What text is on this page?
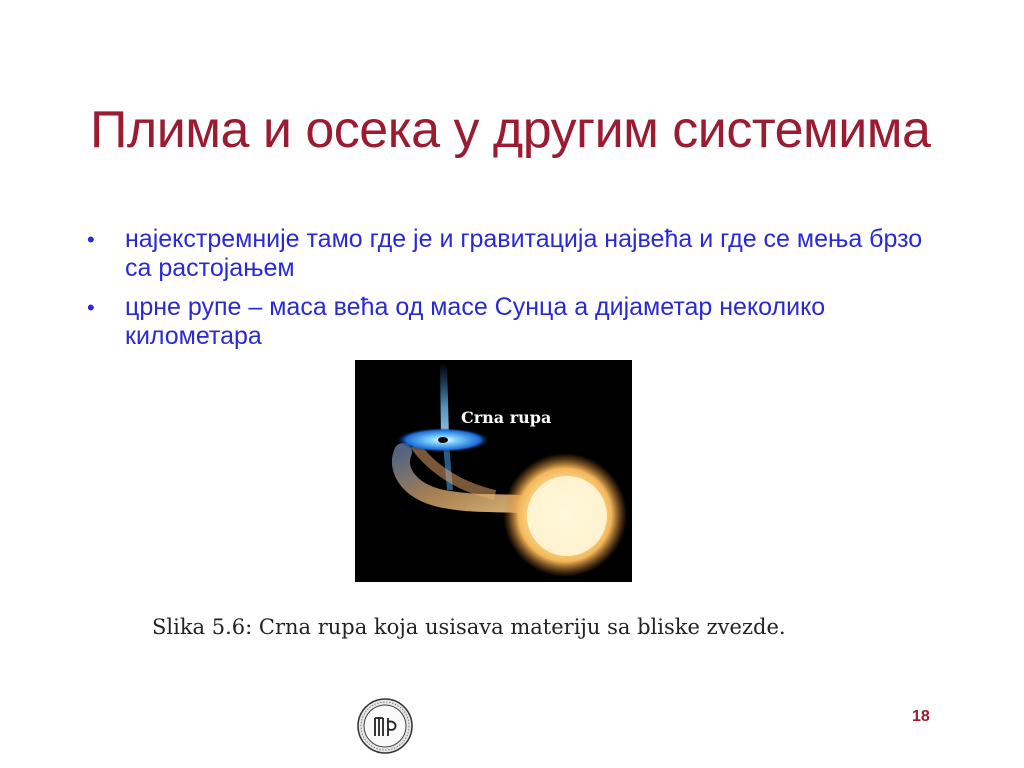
Плима и осека у другим системима
• најекстремније тамо где је и гравитација највећа и где се мења брзо са растојањем
• црне рупе – маса већа од масе Сунца а дијаметар неколико километара
Crna rupa
Slika 5.6: Crna rupa koja usisava materiju sa bliske zvezde.
18
